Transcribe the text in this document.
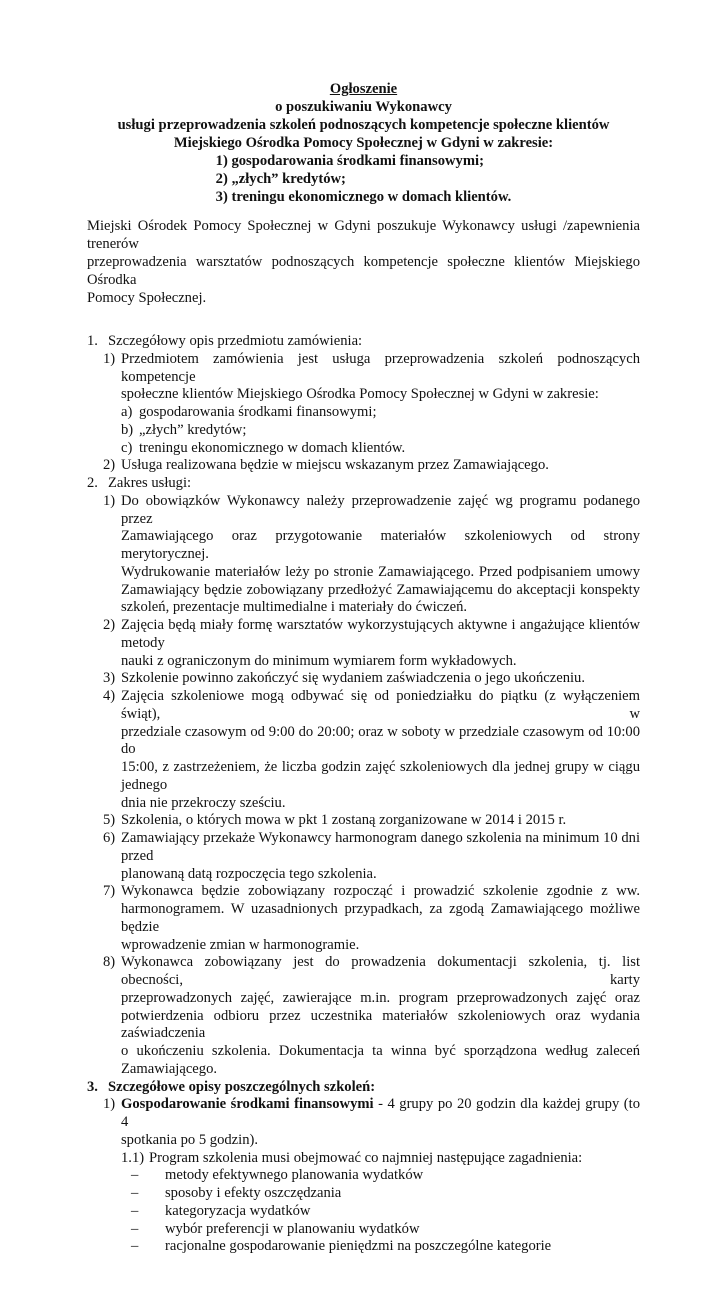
Ogłoszenie
o poszukiwaniu Wykonawcy
usługi przeprowadzenia szkoleń podnoszących kompetencje społeczne klientów
Miejskiego Ośrodka Pomocy Społecznej w Gdyni w zakresie:
1) gospodarowania środkami finansowymi;
2) „złych” kredytów;
3) treningu ekonomicznego w domach klientów.
Miejski Ośrodek Pomocy Społecznej w Gdyni poszukuje Wykonawcy usługi /zapewnienia trenerów
przeprowadzenia warsztatów podnoszących kompetencje społeczne klientów Miejskiego Ośrodka
Pomocy Społecznej.
1. Szczegółowy opis przedmiotu zamówienia:
1) Przedmiotem zamówienia jest usługa przeprowadzenia szkoleń podnoszących kompetencje
społeczne klientów Miejskiego Ośrodka Pomocy Społecznej w Gdyni w zakresie:
a) gospodarowania środkami finansowymi;
b) „złych” kredytów;
c) treningu ekonomicznego w domach klientów.
2) Usługa realizowana będzie w miejscu wskazanym przez Zamawiającego.
2. Zakres usługi:
1) Do obowiązków Wykonawcy należy przeprowadzenie zajęć wg programu podanego przez
Zamawiającego oraz przygotowanie materiałów szkoleniowych od strony merytorycznej.
Wydrukowanie materiałów leży po stronie Zamawiającego. Przed podpisaniem umowy
Zamawiający będzie zobowiązany przedłożyć Zamawiającemu do akceptacji konspekty
szkoleń, prezentacje multimedialne i materiały do ćwiczeń.
2) Zajęcia będą miały formę warsztatów wykorzystujących aktywne i angażujące klientów metody
nauki z ograniczonym do minimum wymiarem form wykładowych.
3) Szkolenie powinno zakończyć się wydaniem zaświadczenia o jego ukończeniu.
4) Zajęcia szkoleniowe mogą odbywać się od poniedziałku do piątku (z wyłączeniem świąt), w
przedziale czasowym od 9:00 do 20:00; oraz w soboty w przedziale czasowym od 10:00 do
15:00, z zastrzeżeniem, że liczba godzin zajęć szkoleniowych dla jednej grupy w ciągu jednego
dnia nie przekroczy sześciu.
5) Szkolenia, o których mowa w pkt 1 zostaną zorganizowane w 2014 i 2015 r.
6) Zamawiający przekaże Wykonawcy harmonogram danego szkolenia na minimum 10 dni przed
planowaną datą rozpoczęcia tego szkolenia.
7) Wykonawca będzie zobowiązany rozpocząć i prowadzić szkolenie zgodnie z ww.
harmonogramem. W uzasadnionych przypadkach, za zgodą Zamawiającego możliwe będzie
wprowadzenie zmian w harmonogramie.
8) Wykonawca zobowiązany jest do prowadzenia dokumentacji szkolenia, tj. list obecności, karty
przeprowadzonych zajęć, zawierające m.in. program przeprowadzonych zajęć oraz
potwierdzenia odbioru przez uczestnika materiałów szkoleniowych oraz wydania zaświadczenia
o ukończeniu szkolenia. Dokumentacja ta winna być sporządzona według zaleceń
Zamawiającego.
3. Szczegółowe opisy poszczególnych szkoleń:
1) Gospodarowanie środkami finansowymi - 4 grupy po 20 godzin dla każdej grupy (to 4
spotkania po 5 godzin).
1.1) Program szkolenia musi obejmować co najmniej następujące zagadnienia:
–	metody efektywnego planowania wydatków
–	sposoby i efekty oszczędzania
–	kategoryzacja wydatków
–	wybór preferencji w planowaniu wydatków
–	racjonalne gospodarowanie pieniędzmi na poszczególne kategorie
